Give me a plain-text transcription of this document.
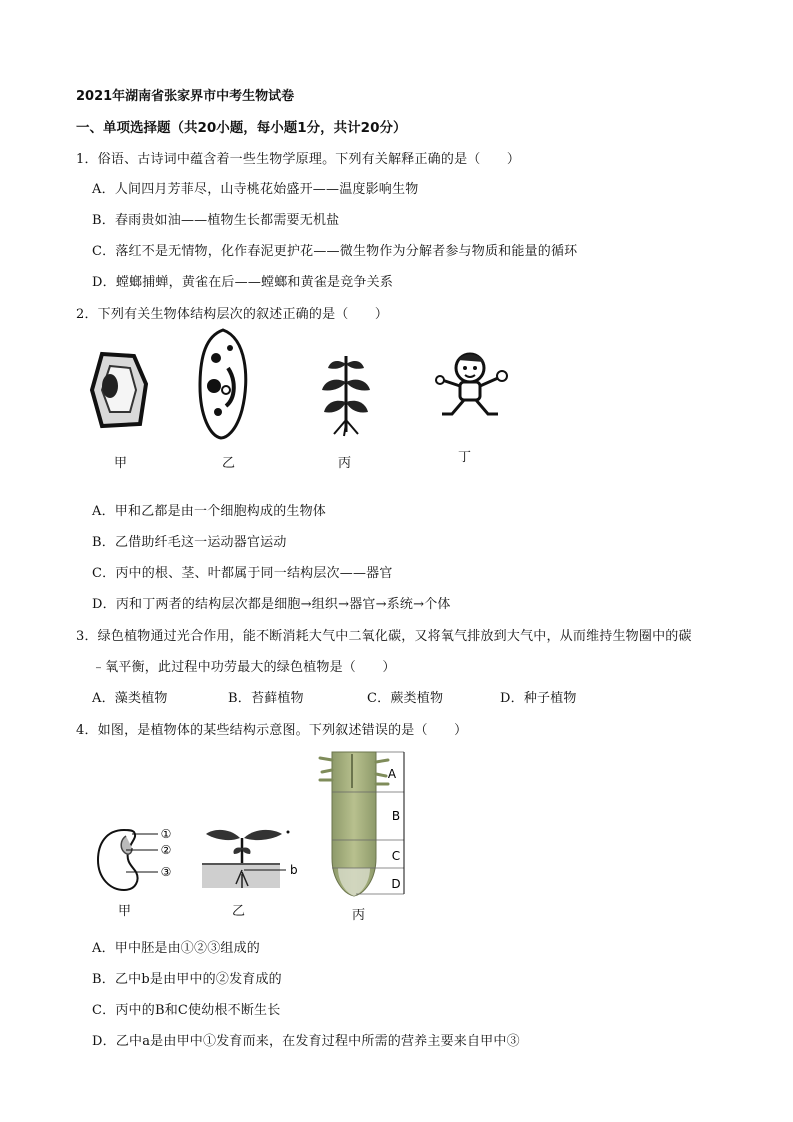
2021年湖南省张家界市中考生物试卷
一、单项选择题（共20小题，每小题1分，共计20分）
1．俗语、古诗词中蕴含着一些生物学原理。下列有关解释正确的是（　　）
A．人间四月芳菲尽，山寺桃花始盛开——温度影响生物
B．春雨贵如油——植物生长都需要无机盐
C．落红不是无情物，化作春泥更护花——微生物作为分解者参与物质和能量的循环
D．螳螂捕蝉，黄雀在后——螳螂和黄雀是竞争关系
2．下列有关生物体结构层次的叙述正确的是（　　）
甲	乙	丙	丁
A．甲和乙都是由一个细胞构成的生物体
B．乙借助纤毛这一运动器官运动
C．丙中的根、茎、叶都属于同一结构层次——器官
D．丙和丁两者的结构层次都是细胞→组织→器官→系统→个体
3．绿色植物通过光合作用，能不断消耗大气中二氧化碳，又将氧气排放到大气中，从而维持生物圈中的碳
﹣氧平衡，此过程中功劳最大的绿色植物是（　　）
A．藻类植物	B．苔藓植物	C．蕨类植物	D．种子植物
4．如图，是植物体的某些结构示意图。下列叙述错误的是（　　）
①
②
③
甲
b
乙
A
B
C
D
丙
A．甲中胚是由①②③组成的
B．乙中b是由甲中的②发育成的
C．丙中的B和C使幼根不断生长
D．乙中a是由甲中①发育而来，在发育过程中所需的营养主要来自甲中③
